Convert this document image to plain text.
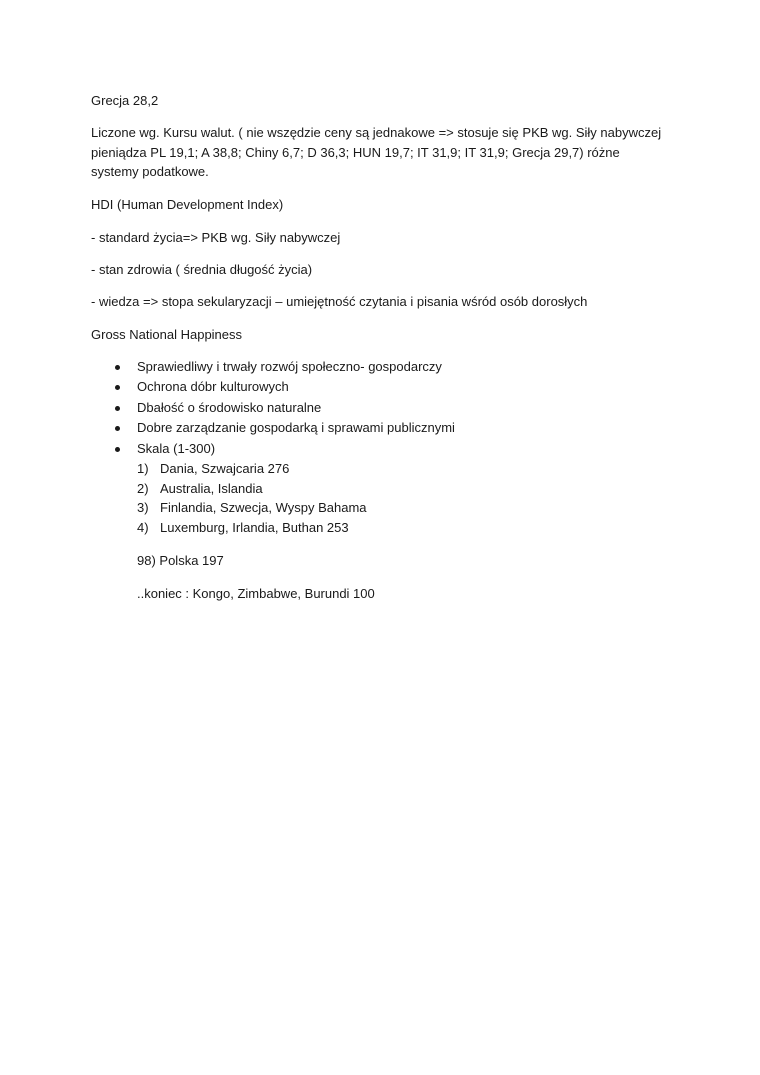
Grecja 28,2
Liczone wg. Kursu walut. ( nie wszędzie ceny są jednakowe => stosuje się PKB wg. Siły nabywczej pieniądza PL 19,1; A 38,8; Chiny 6,7; D 36,3; HUN 19,7; IT 31,9; IT 31,9; Grecja 29,7) różne systemy podatkowe.
HDI (Human Development Index)
- standard życia=> PKB wg. Siły nabywczej
- stan zdrowia ( średnia długość życia)
- wiedza => stopa sekularyzacji – umiejętność czytania i pisania wśród osób dorosłych
Gross National Happiness
Sprawiedliwy i trwały rozwój społeczno- gospodarczy
Ochrona dóbr kulturowych
Dbałość o środowisko naturalne
Dobre zarządzanie gospodarką i sprawami publicznymi
Skala (1-300)
1) Dania, Szwajcaria 276
2) Australia, Islandia
3) Finlandia, Szwecja, Wyspy Bahama
4) Luxemburg, Irlandia, Buthan 253
98) Polska 197
..koniec : Kongo, Zimbabwe, Burundi 100
